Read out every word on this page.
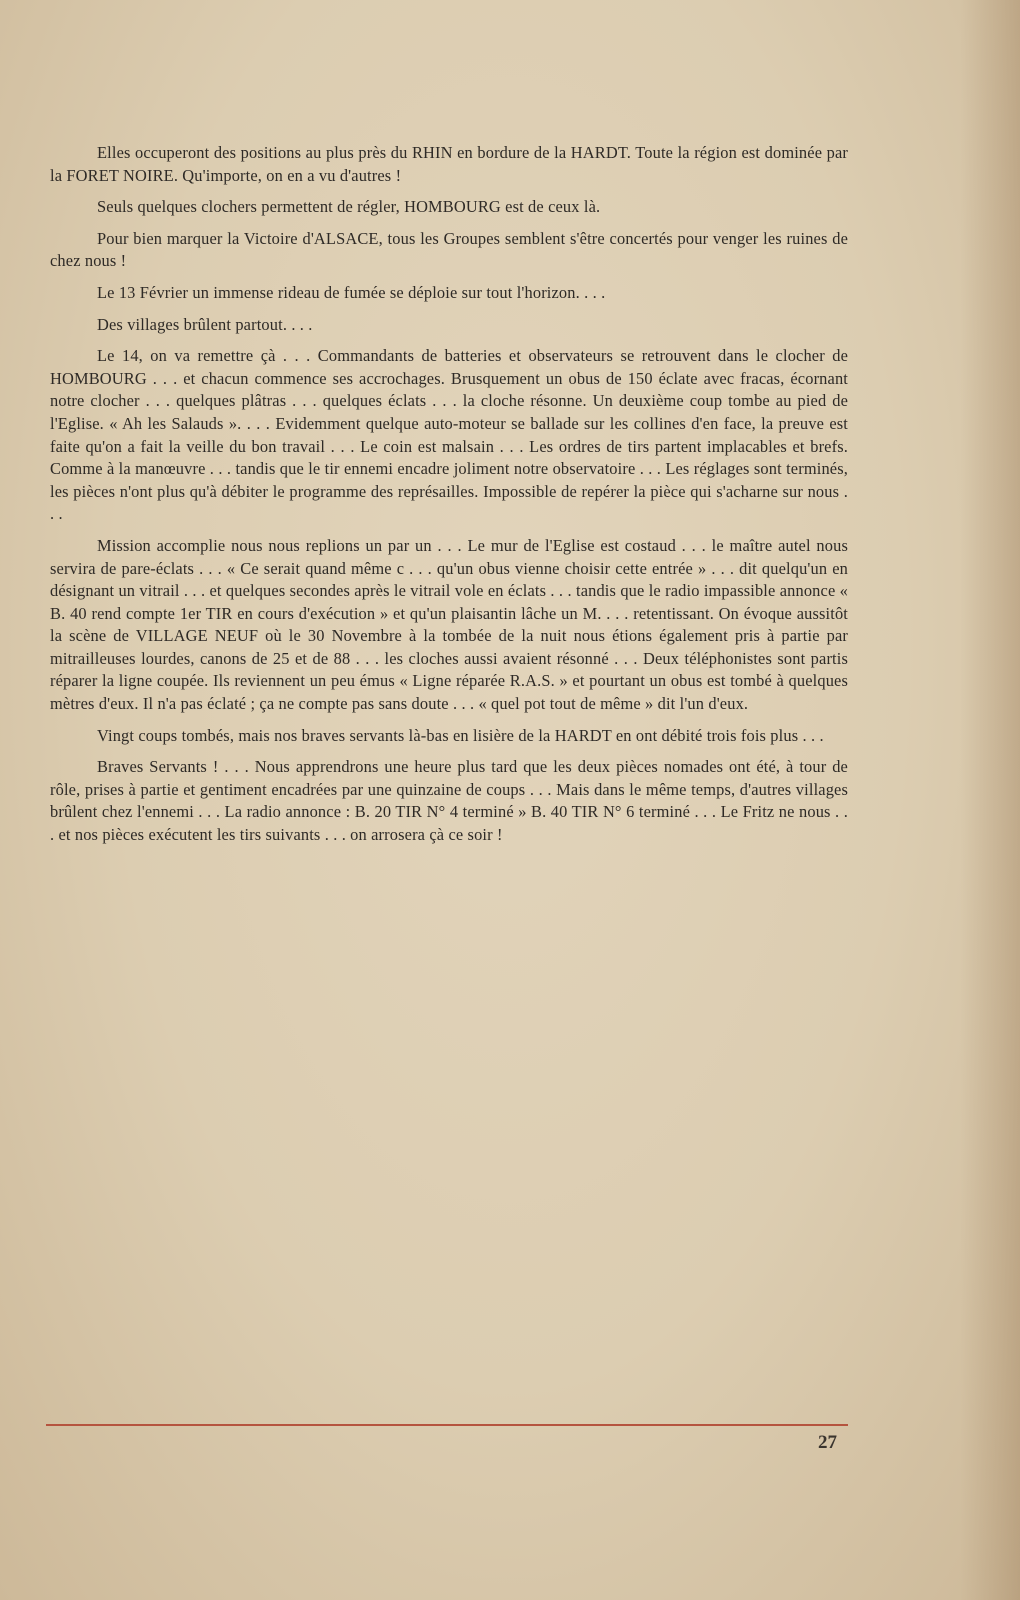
Elles occuperont des positions au plus près du RHIN en bordure de la HARDT. Toute la région est dominée par la FORET NOIRE. Qu'importe, on en a vu d'autres !

Seuls quelques clochers permettent de régler, HOMBOURG est de ceux là.

Pour bien marquer la Victoire d'ALSACE, tous les Groupes semblent s'être concertés pour venger les ruines de chez nous !

Le 13 Février un immense rideau de fumée se déploie sur tout l'horizon. . . .

Des villages brûlent partout. . . .

Le 14, on va remettre çà . . . Commandants de batteries et observateurs se retrouvent dans le clocher de HOMBOURG . . . et chacun commence ses accrochages. Brusquement un obus de 150 éclate avec fracas, écornant notre clocher . . . quelques plâtras . . . quelques éclats . . . la cloche résonne. Un deuxième coup tombe au pied de l'Eglise. « Ah les Salauds ». . . . Evidemment quelque auto-moteur se ballade sur les collines d'en face, la preuve est faite qu'on a fait la veille du bon travail . . . Le coin est malsain . . . Les ordres de tirs partent implacables et brefs. Comme à la manœuvre . . . tandis que le tir ennemi encadre joliment notre observatoire . . . Les réglages sont terminés, les pièces n'ont plus qu'à débiter le programme des représailles. Impossible de repérer la pièce qui s'acharne sur nous . . .

Mission accomplie nous nous replions un par un . . . Le mur de l'Eglise est costaud . . . le maître autel nous servira de pare-éclats . . . « Ce serait quand même c . . . qu'un obus vienne choisir cette entrée » . . . dit quelqu'un en désignant un vitrail . . . et quelques secondes après le vitrail vole en éclats . . . tandis que le radio impassible annonce « B. 40 rend compte 1er TIR en cours d'exécution » et qu'un plaisantin lâche un M. . . . retentissant. On évoque aussitôt la scène de VILLAGE NEUF où le 30 Novembre à la tombée de la nuit nous étions également pris à partie par mitrailleuses lourdes, canons de 25 et de 88 . . . les cloches aussi avaient résonné . . . Deux téléphonistes sont partis réparer la ligne coupée. Ils reviennent un peu émus « Ligne réparée R.A.S. » et pourtant un obus est tombé à quelques mètres d'eux. Il n'a pas éclaté ; ça ne compte pas sans doute . . . « quel pot tout de même » dit l'un d'eux.

Vingt coups tombés, mais nos braves servants là-bas en lisière de la HARDT en ont débité trois fois plus . . .

Braves Servants ! . . . Nous apprendrons une heure plus tard que les deux pièces nomades ont été, à tour de rôle, prises à partie et gentiment encadrées par une quinzaine de coups . . . Mais dans le même temps, d'autres villages brûlent chez l'ennemi . . . La radio annonce : B. 20 TIR N° 4 terminé » B. 40 TIR N° 6 terminé . . . Le Fritz ne nous . . . et nos pièces exécutent les tirs suivants . . . on arrosera çà ce soir !

27
